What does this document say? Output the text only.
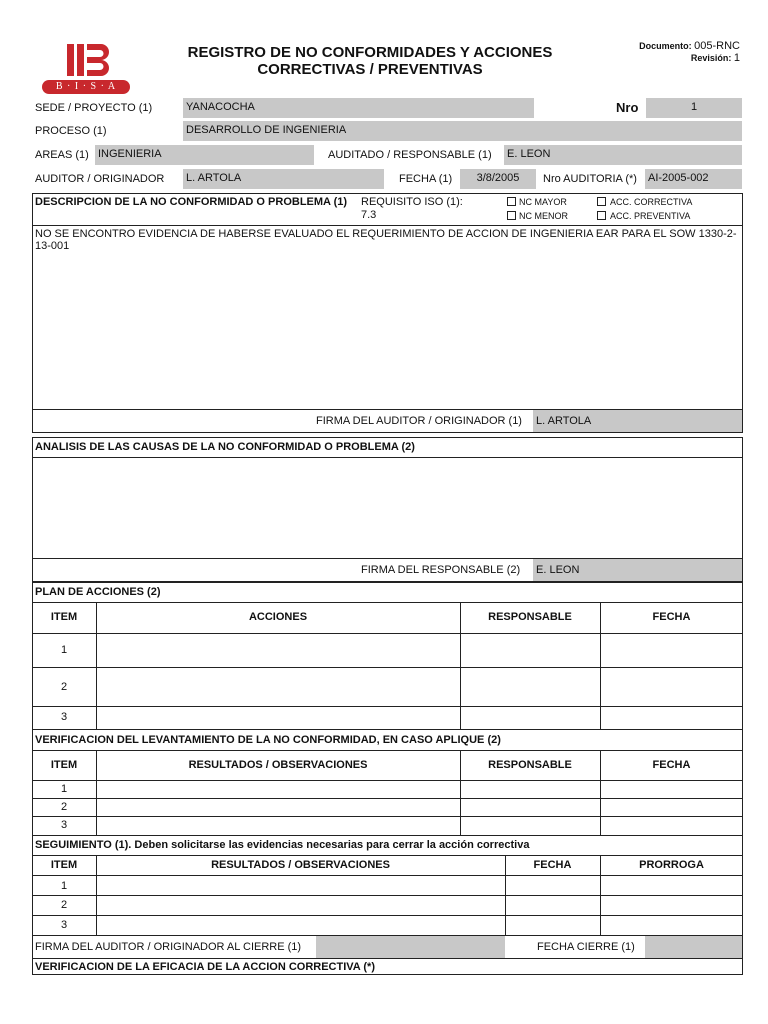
B · I · S · A
REGISTRO DE NO CONFORMIDADES Y ACCIONES
CORRECTIVAS / PREVENTIVAS
Documento: 005-RNC
Revisión: 1
SEDE / PROYECTO (1)	YANACOCHA	Nro	1
PROCESO (1)	DESARROLLO DE INGENIERIA
AREAS (1) INGENIERIA	AUDITADO / RESPONSABLE (1) E. LEON
AUDITOR / ORIGINADOR L. ARTOLA	FECHA (1)	3/8/2005	Nro AUDITORIA (*) AI-2005-002
DESCRIPCION DE LA NO CONFORMIDAD O PROBLEMA (1)	REQUISITO ISO (1):
7.3
NC MAYOR
NC MENOR
ACC. CORRECTIVA
ACC. PREVENTIVA
NO SE ENCONTRO EVIDENCIA DE HABERSE EVALUADO EL REQUERIMIENTO DE ACCION DE INGENIERIA EAR PARA EL SOW 1330-2-13-001
FIRMA DEL AUDITOR / ORIGINADOR (1) L. ARTOLA
ANALISIS DE LAS CAUSAS DE LA NO CONFORMIDAD O PROBLEMA (2)
FIRMA DEL RESPONSABLE (2) E. LEON
PLAN DE ACCIONES (2)
ITEM	ACCIONES	RESPONSABLE	FECHA
1
2
3
VERIFICACION DEL LEVANTAMIENTO DE LA NO CONFORMIDAD, EN CASO APLIQUE (2)
ITEM	RESULTADOS / OBSERVACIONES	RESPONSABLE	FECHA
1
2
3
SEGUIMIENTO (1). Deben solicitarse las evidencias necesarias para cerrar la acción correctiva
ITEM	RESULTADOS / OBSERVACIONES	FECHA	PRORROGA
1
2
3
FIRMA DEL AUDITOR / ORIGINADOR AL CIERRE (1)	FECHA CIERRE (1)
VERIFICACION DE LA EFICACIA DE LA ACCION CORRECTIVA (*)
